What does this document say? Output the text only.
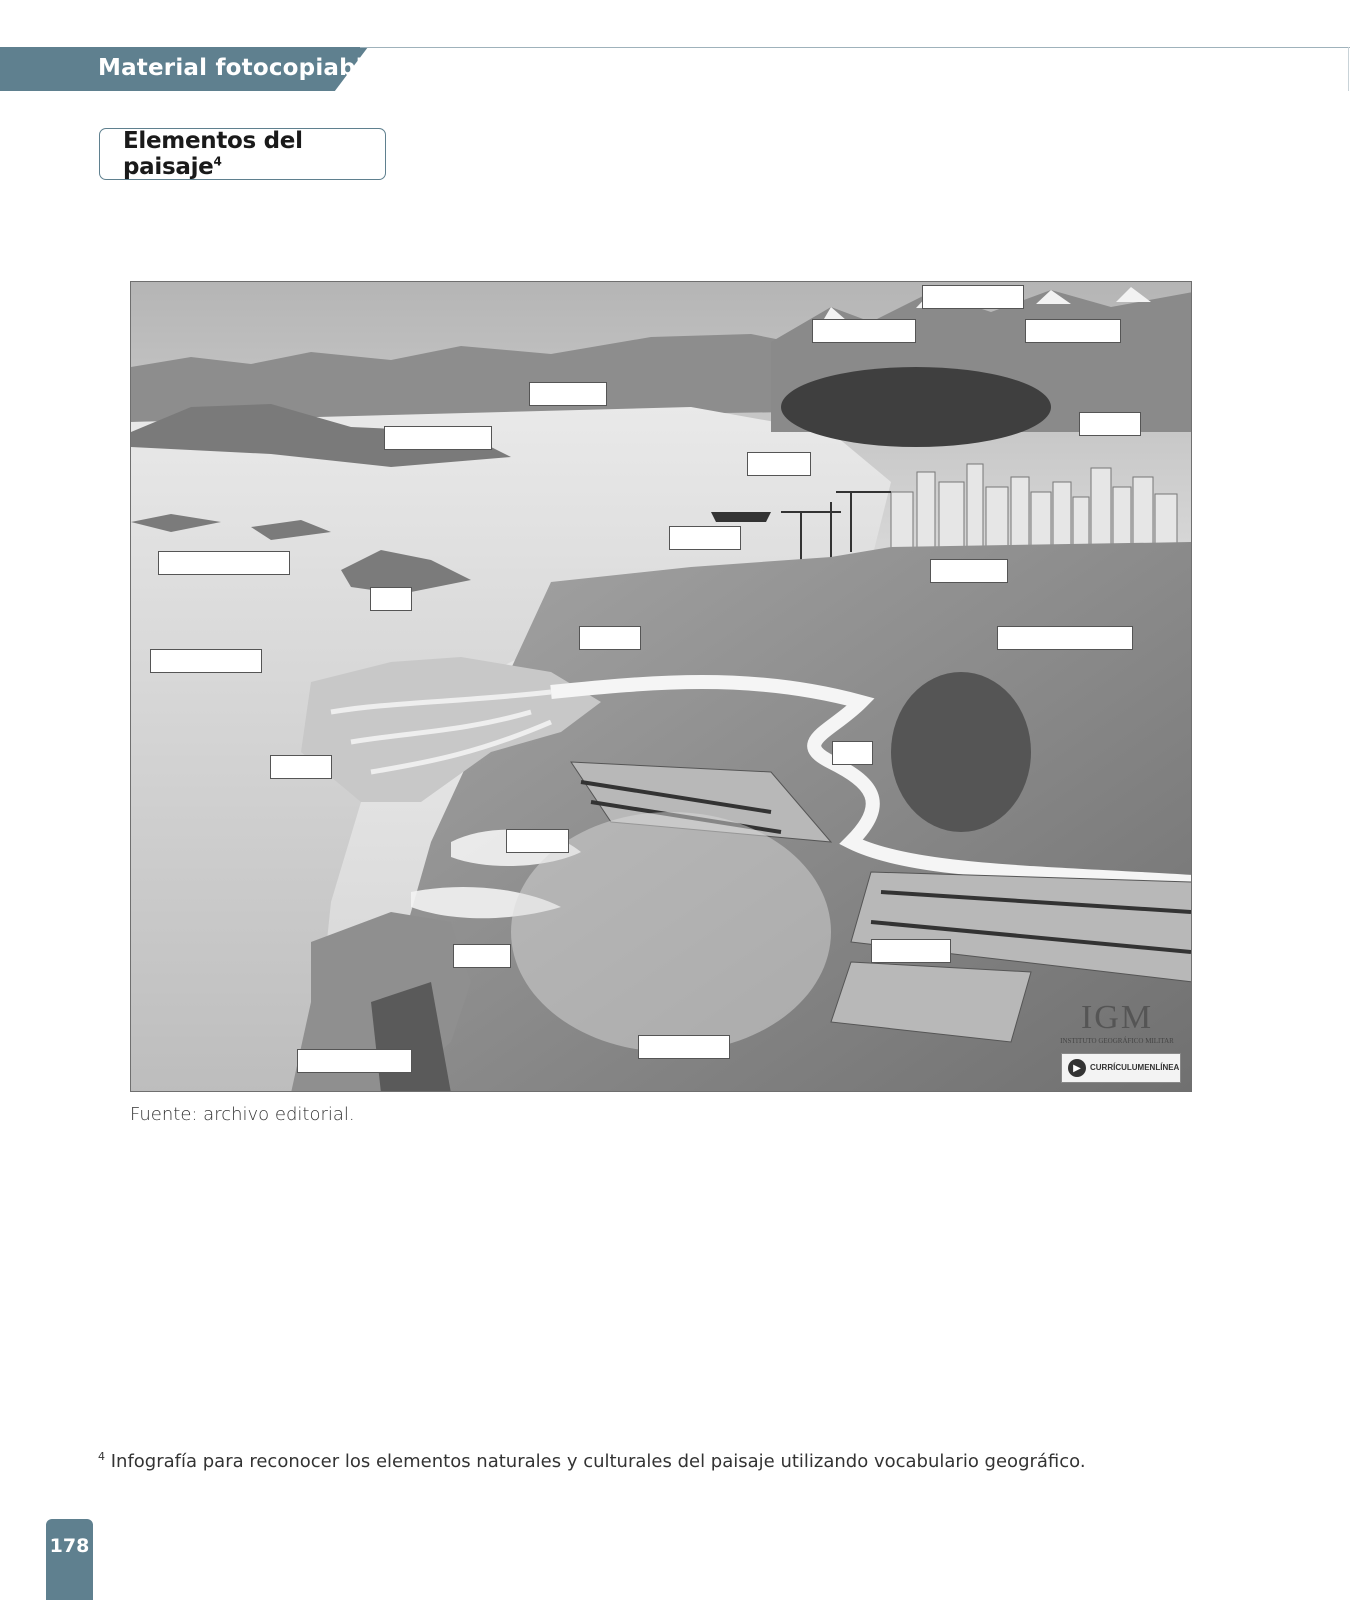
Material fotocopiable
Elementos del paisaje$^4$
IGM
INSTITUTO GEOGRÁFICO MILITAR
▶	CURRÍCULUMENLÍNEA
Fuente: archivo editorial.
$^4$ Infografía para reconocer los elementos naturales y culturales del paisaje utilizando vocabulario geográfico.
178
